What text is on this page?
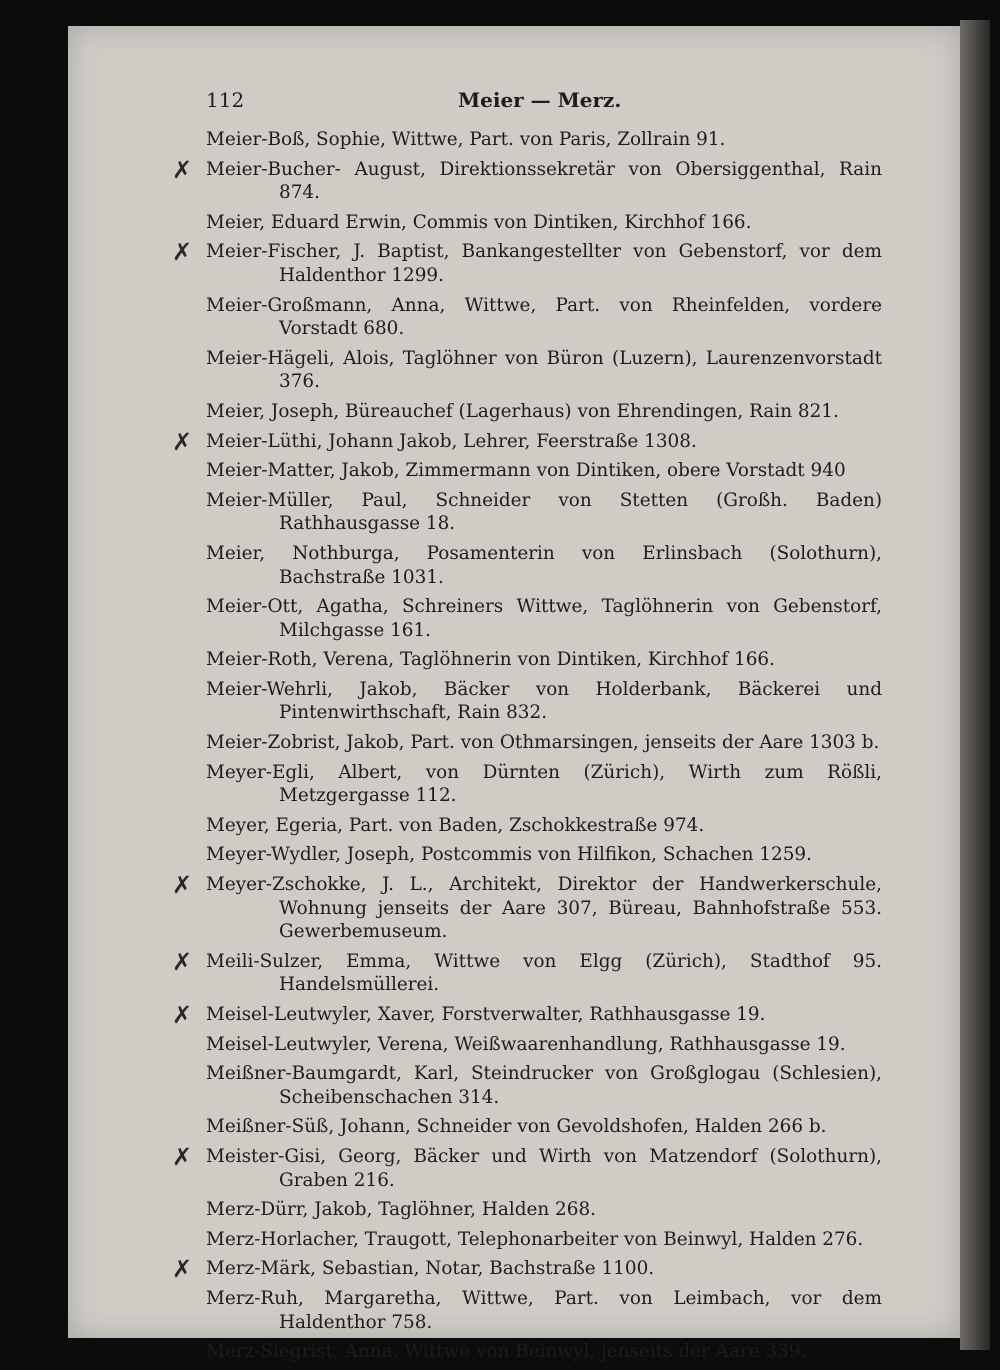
112	Meier — Merz.
Meier-Boß, Sophie, Wittwe, Part. von Paris, Zollrain 91.
✗ Meier-Bucher- August, Direktionssekretär von Obersiggenthal, Rain 874.
Meier, Eduard Erwin, Commis von Dintiken, Kirchhof 166.
✗ Meier-Fischer, J. Baptist, Bankangestellter von Gebenstorf, vor dem Haldenthor 1299.
Meier-Großmann, Anna, Wittwe, Part. von Rheinfelden, vordere Vorstadt 680.
Meier-Hägeli, Alois, Taglöhner von Büron (Luzern), Laurenzenvorstadt 376.
Meier, Joseph, Büreauchef (Lagerhaus) von Ehrendingen, Rain 821.
✗ Meier-Lüthi, Johann Jakob, Lehrer, Feerstraße 1308.
Meier-Matter, Jakob, Zimmermann von Dintiken, obere Vorstadt 940
Meier-Müller, Paul, Schneider von Stetten (Großh. Baden) Rathhausgasse 18.
Meier, Nothburga, Posamenterin von Erlinsbach (Solothurn), Bachstraße 1031.
Meier-Ott, Agatha, Schreiners Wittwe, Taglöhnerin von Gebenstorf, Milchgasse 161.
Meier-Roth, Verena, Taglöhnerin von Dintiken, Kirchhof 166.
Meier-Wehrli, Jakob, Bäcker von Holderbank, Bäckerei und Pintenwirthschaft, Rain 832.
Meier-Zobrist, Jakob, Part. von Othmarsingen, jenseits der Aare 1303 b.
Meyer-Egli, Albert, von Dürnten (Zürich), Wirth zum Rößli, Metzgergasse 112.
Meyer, Egeria, Part. von Baden, Zschokkestraße 974.
Meyer-Wydler, Joseph, Postcommis von Hilfikon, Schachen 1259.
✗ Meyer-Zschokke, J. L., Architekt, Direktor der Handwerkerschule, Wohnung jenseits der Aare 307, Büreau, Bahnhofstraße 553. Gewerbemuseum.
✗ Meili-Sulzer, Emma, Wittwe von Elgg (Zürich), Stadthof 95. Handelsmüllerei.
✗ Meisel-Leutwyler, Xaver, Forstverwalter, Rathhausgasse 19.
Meisel-Leutwyler, Verena, Weißwaarenhandlung, Rathhausgasse 19.
Meißner-Baumgardt, Karl, Steindrucker von Großglogau (Schlesien), Scheibenschachen 314.
Meißner-Süß, Johann, Schneider von Gevoldshofen, Halden 266 b.
✗ Meister-Gisi, Georg, Bäcker und Wirth von Matzendorf (Solothurn), Graben 216.
Merz-Dürr, Jakob, Taglöhner, Halden 268.
Merz-Horlacher, Traugott, Telephonarbeiter von Beinwyl, Halden 276.
✗ Merz-Märk, Sebastian, Notar, Bachstraße 1100.
Merz-Ruh, Margaretha, Wittwe, Part. von Leimbach, vor dem Haldenthor 758.
Merz-Siegrist, Anna, Wittwe von Beinwyl, jenseits der Aare 339.
